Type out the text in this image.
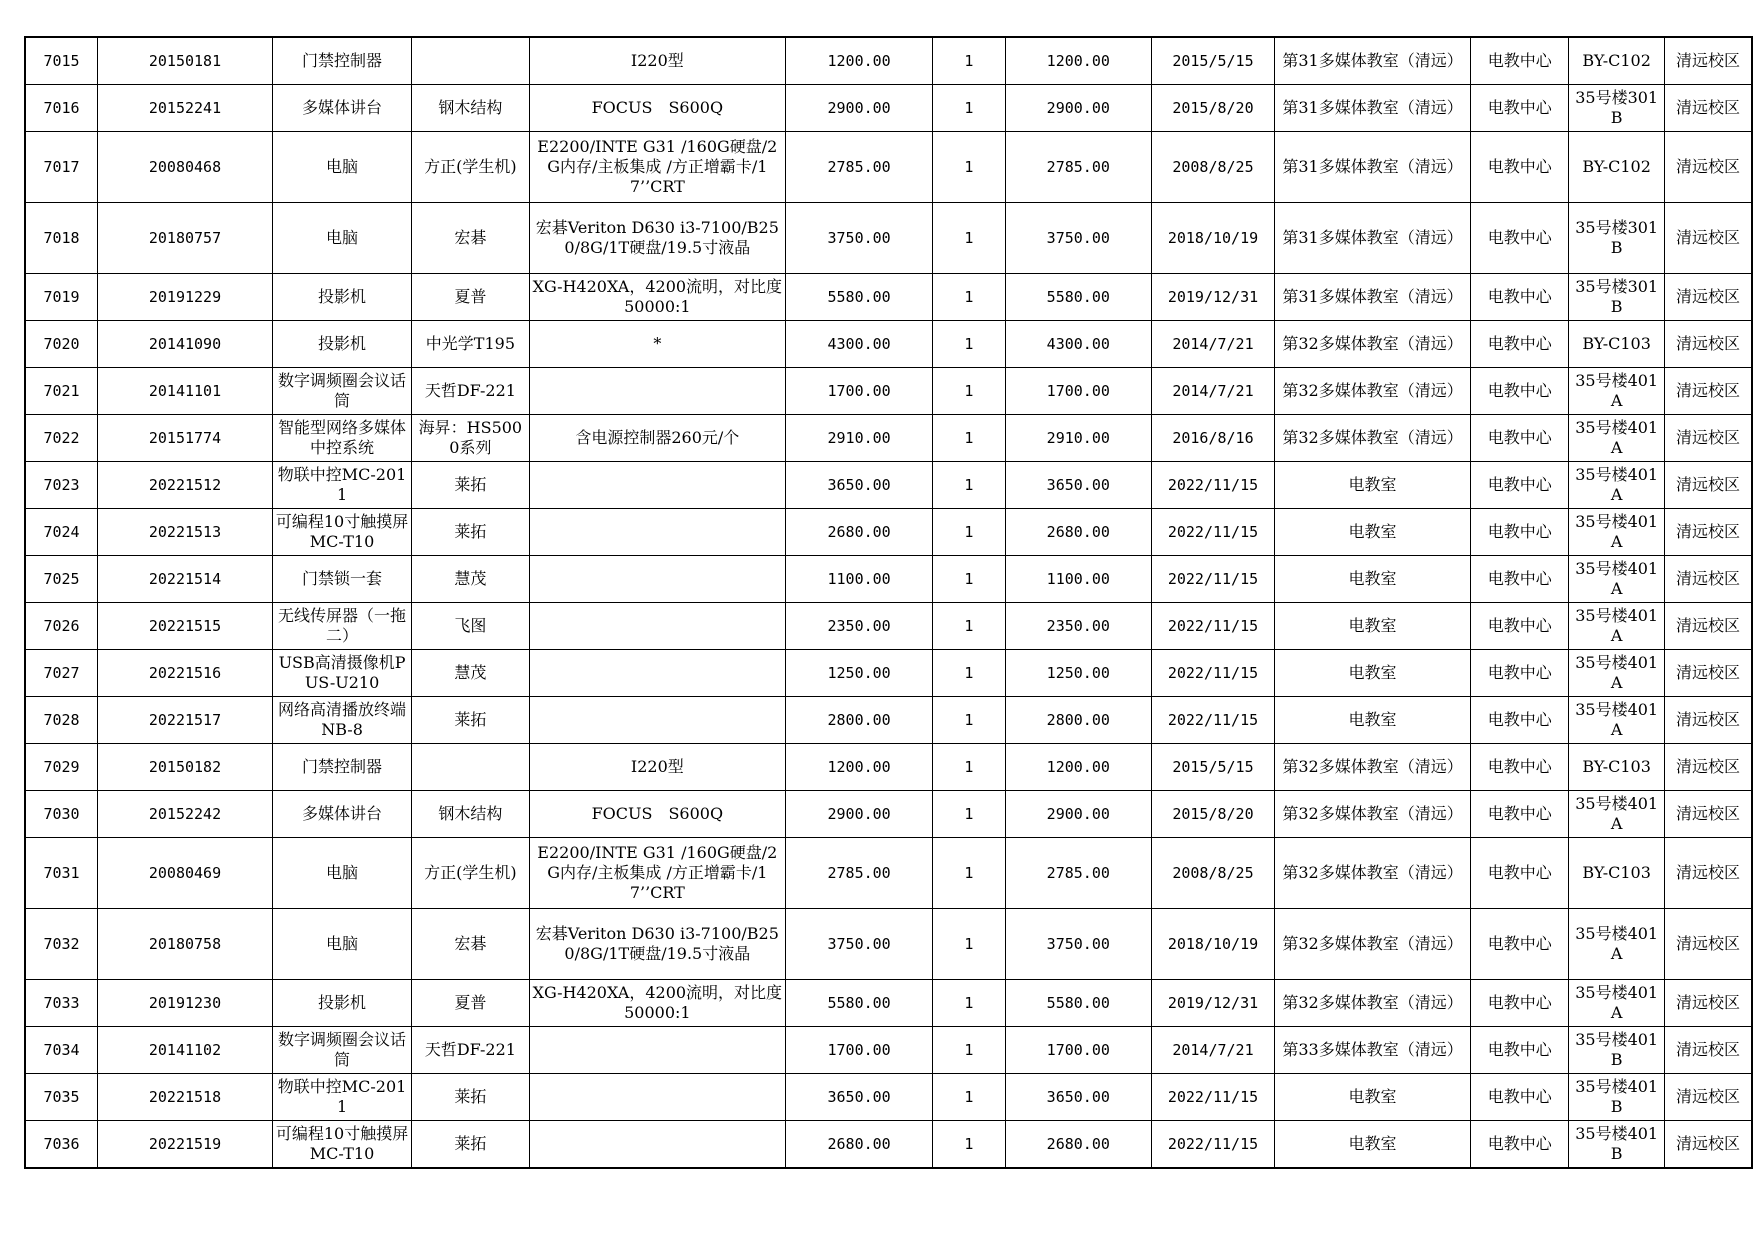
7015	20150181	门禁控制器		I220型	1200.00	1	1200.00	2015/5/15	第31多媒体教室（清远）	电教中心	BY-C102	清远校区
7016	20152241	多媒体讲台	钢木结构	FOCUS　S600Q	2900.00	1	2900.00	2015/8/20	第31多媒体教室（清远）	电教中心	35号楼301B	清远校区
7017	20080468	电脑	方正(学生机)	E2200/INTE G31 /160G硬盘/2G内存/主板集成 /方正增霸卡/17’’CRT	2785.00	1	2785.00	2008/8/25	第31多媒体教室（清远）	电教中心	BY-C102	清远校区
7018	20180757	电脑	宏碁	宏碁Veriton D630 i3-7100/B250/8G/1T硬盘/19.5寸液晶	3750.00	1	3750.00	2018/10/19	第31多媒体教室（清远）	电教中心	35号楼301B	清远校区
7019	20191229	投影机	夏普	XG-H420XA，4200流明，对比度50000:1	5580.00	1	5580.00	2019/12/31	第31多媒体教室（清远）	电教中心	35号楼301B	清远校区
7020	20141090	投影机	中光学T195	*	4300.00	1	4300.00	2014/7/21	第32多媒体教室（清远）	电教中心	BY-C103	清远校区
7021	20141101	数字调频圈会议话筒	天哲DF-221		1700.00	1	1700.00	2014/7/21	第32多媒体教室（清远）	电教中心	35号楼401A	清远校区
7022	20151774	智能型网络多媒体中控系统	海昇：HS5000系列	含电源控制器260元/个	2910.00	1	2910.00	2016/8/16	第32多媒体教室（清远）	电教中心	35号楼401A	清远校区
7023	20221512	物联中控MC-2011	莱拓		3650.00	1	3650.00	2022/11/15	电教室	电教中心	35号楼401A	清远校区
7024	20221513	可编程10寸触摸屏MC-T10	莱拓		2680.00	1	2680.00	2022/11/15	电教室	电教中心	35号楼401A	清远校区
7025	20221514	门禁锁一套	慧茂		1100.00	1	1100.00	2022/11/15	电教室	电教中心	35号楼401A	清远校区
7026	20221515	无线传屏器（一拖二）	飞图		2350.00	1	2350.00	2022/11/15	电教室	电教中心	35号楼401A	清远校区
7027	20221516	USB高清摄像机PUS-U210	慧茂		1250.00	1	1250.00	2022/11/15	电教室	电教中心	35号楼401A	清远校区
7028	20221517	网络高清播放终端NB-8	莱拓		2800.00	1	2800.00	2022/11/15	电教室	电教中心	35号楼401A	清远校区
7029	20150182	门禁控制器		I220型	1200.00	1	1200.00	2015/5/15	第32多媒体教室（清远）	电教中心	BY-C103	清远校区
7030	20152242	多媒体讲台	钢木结构	FOCUS　S600Q	2900.00	1	2900.00	2015/8/20	第32多媒体教室（清远）	电教中心	35号楼401A	清远校区
7031	20080469	电脑	方正(学生机)	E2200/INTE G31 /160G硬盘/2G内存/主板集成 /方正增霸卡/17’’CRT	2785.00	1	2785.00	2008/8/25	第32多媒体教室（清远）	电教中心	BY-C103	清远校区
7032	20180758	电脑	宏碁	宏碁Veriton D630 i3-7100/B250/8G/1T硬盘/19.5寸液晶	3750.00	1	3750.00	2018/10/19	第32多媒体教室（清远）	电教中心	35号楼401A	清远校区
7033	20191230	投影机	夏普	XG-H420XA，4200流明，对比度50000:1	5580.00	1	5580.00	2019/12/31	第32多媒体教室（清远）	电教中心	35号楼401A	清远校区
7034	20141102	数字调频圈会议话筒	天哲DF-221		1700.00	1	1700.00	2014/7/21	第33多媒体教室（清远）	电教中心	35号楼401B	清远校区
7035	20221518	物联中控MC-2011	莱拓		3650.00	1	3650.00	2022/11/15	电教室	电教中心	35号楼401B	清远校区
7036	20221519	可编程10寸触摸屏MC-T10	莱拓		2680.00	1	2680.00	2022/11/15	电教室	电教中心	35号楼401B	清远校区
